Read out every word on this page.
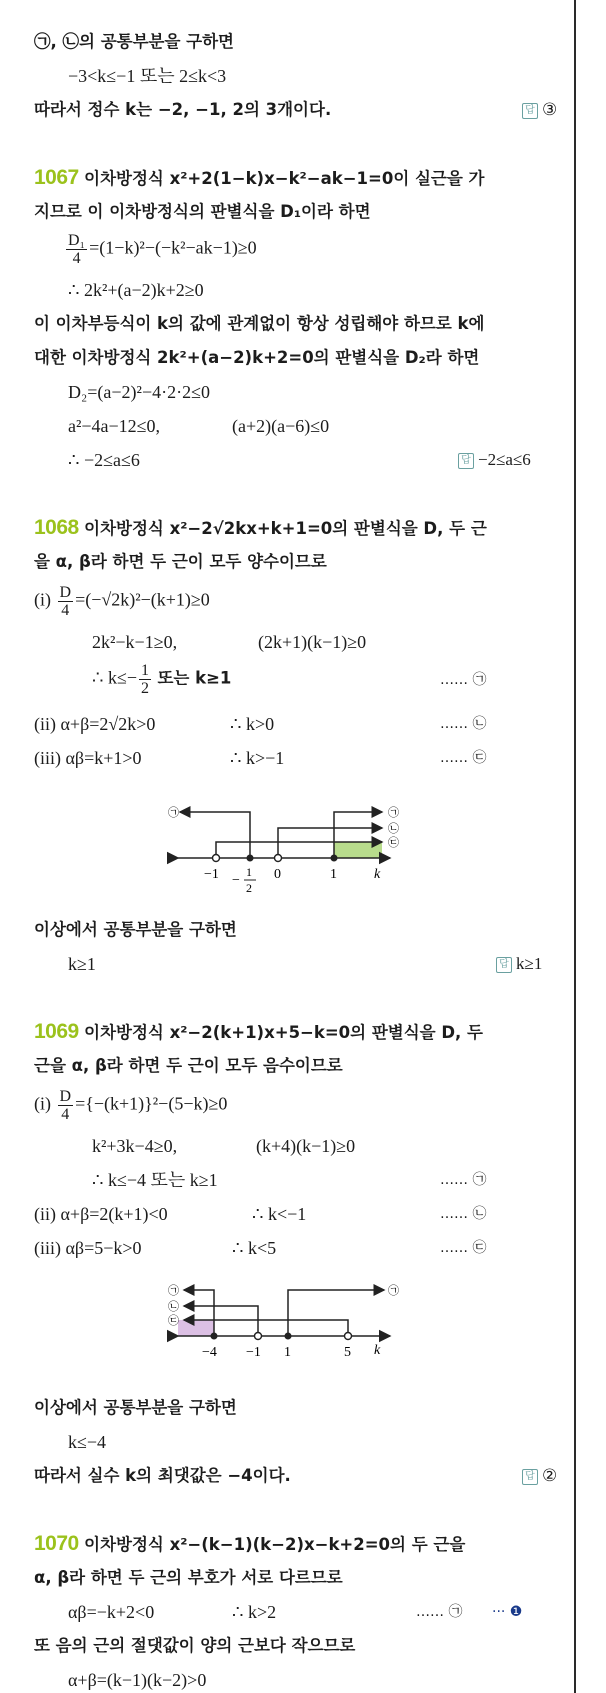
㉠, ㉡의 공통부분을 구하면
−3<k≤−1 또는 2≤k<3
따라서 정수 k는 −2, −1, 2의 3개이다.	답 ③
1067 이차방정식 x²+2(1−k)x−k²−ak−1=0이 실근을 가
지므로 이 이차방정식의 판별식을 D₁이라 하면
$\frac{\text{D₁}}{4} =(1-k)^2-(-k^2-ak-1)\ge 0$
∴ 2k²+(a−2)k+2≥0
이 이차부등식이 k의 값에 관계없이 항상 성립해야 하므로 k에
대한 이차방정식 2k²+(a−2)k+2=0의 판별식을 D₂라 하면
D₂=(a−2)²−4·2·2≤0
a²−4a−12≤0,	(a+2)(a−6)≤0
∴ −2≤a≤6	답 −2≤a≤6
1068 이차방정식 x²−2√2kx+k+1=0의 판별식을 D, 두 근
을 α, β라 하면 두 근이 모두 양수이므로
$(i) \frac{D}{4} =(-√2k)^2-(k+1)\ge 0$
2k²−k−1≥0,	(2k+1)(k−1)≥0
∴ $k\le- \frac{1}{2}$ 또는 k≥1	…… ㉠
(ii) α+β=2√2k>0	∴ k>0	…… ㉡
(iii) αβ=k+1>0	∴ k>−1	…… ㉢
㉠	㉠
㉡
㉢
−1 −
1
2
0	1	k
이상에서 공통부분을 구하면
k≥1	답 k≥1
1069 이차방정식 x²−2(k+1)x+5−k=0의 판별식을 D, 두
근을 α, β라 하면 두 근이 모두 음수이므로
$(i) \frac{D}{4} =\{-(k+1)\}^2-(5-k)\ge 0$
k²+3k−4≥0,	(k+4)(k−1)≥0
∴ k≤−4 또는 k≥1	…… ㉠
(ii) α+β=2(k+1)<0	∴ k<−1	…… ㉡
(iii) αβ=5−k>0	∴ k<5	…… ㉢
㉠
㉡
㉢
㉠
−4 −1 1	5 k
이상에서 공통부분을 구하면
k≤−4
따라서 실수 k의 최댓값은 −4이다.	답 ②
1070 이차방정식 x²−(k−1)(k−2)x−k+2=0의 두 근을
α, β라 하면 두 근의 부호가 서로 다르므로
αβ=−k+2<0	∴ k>2	…… ㉠ ··· ❶
또 음의 근의 절댓값이 양의 근보다 작으므로
α+β=(k−1)(k−2)>0
